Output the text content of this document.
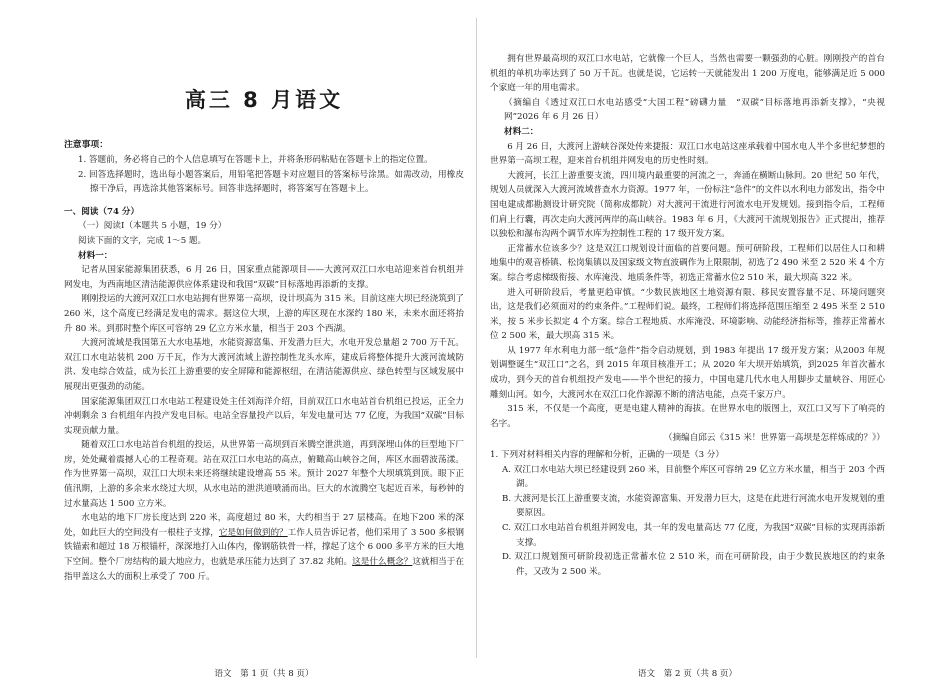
高三 8 月语文

注意事项：

1. 答题前，务必将自己的个人信息填写在答题卡上，并将条形码粘贴在答题卡上的指定位置。

2. 回答选择题时，选出每小题答案后，用铅笔把答题卡对应题目的答案标号涂黑。如需改动，用橡皮擦干净后，再选涂其他答案标号。回答非选择题时，将答案写在答题卡上。

一、阅读（74 分）

（一）阅读Ⅰ（本题共 5 小题，19 分）

阅读下面的文字，完成 1～5 题。

材料一：

记者从国家能源集团获悉，6 月 26 日，国家重点能源项目——大渡河双江口水电站迎来首台机组并网发电，为西南地区清洁能源供应体系建设和我国“双碳”目标落地再添新的支撑。

刚刚投运的大渡河双江口水电站拥有世界第一高坝，设计坝高为 315 米。目前这座大坝已经浇筑到了 260 米，这个高度已经满足发电的需求。据这位大坝，上游的库区现在水深约 180 米，未来水面还将抬升 80 米。到那时整个库区可容纳 29 亿立方米水量，相当于 203 个西湖。

大渡河流域是我国第五大水电基地，水能资源富集、开发潜力巨大，水电开发总量超 2 700 万千瓦。双江口水电站装机 200 万千瓦，作为大渡河流域上游控制性龙头水库，建成后将整体提升大渡河流域防洪、发电综合效益，成为长江上游重要的安全屏障和能源枢纽，在清洁能源供应、绿色转型与区域发展中展现出更强劲的动能。

国家能源集团双江口水电站工程建设处主任刘海洋介绍，目前双江口水电站首台机组已投运，正全力冲刺剩余 3 台机组年内投产发电目标。电站全容量投产以后，年发电量可达 77 亿度，为我国“双碳”目标实现贡献力量。

随着双江口水电站首台机组的投运，从世界第一高坝到百米腾空泄洪道，再到深埋山体的巨型地下厂房，处处藏着震撼人心的工程奇观。站在双江口水电站的高点，俯瞰高山峡谷之间，库区水面碧波荡漾。作为世界第一高坝，双江口大坝未来还将继续建设增高 55 米。预计 2027 年整个大坝填筑到顶。眼下正值汛期，上游的多余来水绕过大坝，从水电站的泄洪道喷涌而出。巨大的水流腾空飞起近百米，每秒钟的过水量高达 1 500 立方米。

水电站的地下厂房长度达到 220 米，高度超过 80 米，大约相当于 27 层楼高。在地下200 米的深处，如此巨大的空间没有一根柱子支撑，它是如何做到的？工作人员告诉记者，他们采用了 3 500 多根钢铁锚索和超过 18 万根锚杆，深深地打入山体内，像钢筋铁骨一样，撑起了这个 6 000 多平方米的巨大地下空间。整个厂房结构的最大地应力，也就是承压能力达到了 37.82 兆帕。这是什么概念？这就相当于在指甲盖这么大的面积上承受了 700 斤。

语文　第 1 页（共 8 页）

拥有世界最高坝的双江口水电站，它就像一个巨人，当然也需要一颗强劲的心脏。刚刚投产的首台机组的单机功率达到了 50 万千瓦。也就是说，它运转一天就能发出 1 200 万度电，能够满足近 5 000 个家庭一年的用电需求。

（摘编自《透过双江口水电站感受“大国工程”磅礴力量　“双碳”目标落地再添新支撑》，“央视网”2026 年 6 月 26 日）

材料二：

6 月 26 日，大渡河上游峡谷深处传来捷报：双江口水电站这座承载着中国水电人半个多世纪梦想的世界第一高坝工程，迎来首台机组并网发电的历史性时刻。

大渡河，长江上游重要支流，四川境内最重要的河流之一，奔涌在横断山脉间。20 世纪 50 年代，规划人员就深入大渡河流域普查水力资源。1977 年，一份标注“急件”的文件以水利电力部发出，指令中国电建成都勘测设计研究院（简称成都院）对大渡河干流进行河流水电开发规划。接到指令后，工程师们肩上行囊，再次走向大渡河两岸的高山峡谷。1983 年 6 月，《大渡河干流规划报告》正式提出，推荐以独松和瀑布沟两个调节水库为控制性工程的 17 级开发方案。

正常蓄水位该多少？这是双江口规划设计面临的首要问题。预可研阶段，工程师们以居住人口和耕地集中的观音桥镇、松岗集镇以及国家级文物直波碉作为上限限制，初选了2 490 米至 2 520 米 4 个方案。综合考虑梯级衔接、水库淹没、地质条件等，初选正常蓄水位2 510 米，最大坝高 322 米。

进入可研阶段后，考量更趋审慎。“少数民族地区土地资源有限、移民安置容量不足、环境问题突出，这是我们必须面对的约束条件。”工程师们说。最终，工程师们将选择范围压缩至 2 495 米至 2 510 米，按 5 米步长拟定 4 个方案。综合工程地质、水库淹没、环境影响、动能经济指标等，推荐正常蓄水位 2 500 米，最大坝高 315 米。

从 1977 年水利电力部一纸“急件”指令启动规划，到 1983 年提出 17 级开发方案；从2003 年规划调整诞生“双江口”之名，到 2015 年项目核准开工；从 2020 年大坝开始填筑，到2025 年首次蓄水成功，到今天的首台机组投产发电——半个世纪的接力，中国电建几代水电人用脚步丈量峡谷、用匠心雕刻山河。如今，大渡河水在双江口化作源源不断的清洁电能，点亮千家万户。

315 米，不仅是一个高度，更是电建人精神的海拔。在世界水电的版图上，双江口又写下了响亮的名字。

（摘编自邱云《315 米！世界第一高坝是怎样炼成的？》）

1. 下列对材料相关内容的理解和分析，正确的一项是（3 分）

A. 双江口水电站大坝已经建设到 260 米，目前整个库区可容纳 29 亿立方米水量，相当于 203 个西湖。

B. 大渡河是长江上游重要支流，水能资源富集、开发潜力巨大，这是在此进行河流水电开发规划的重要原因。

C. 双江口水电站首台机组并网发电，其一年的发电量高达 77 亿度，为我国“双碳”目标的实现再添新支撑。

D. 双江口规划预可研阶段初选正常蓄水位 2 510 米，而在可研阶段，由于少数民族地区的约束条件，又改为 2 500 米。

语文　第 2 页（共 8 页）
